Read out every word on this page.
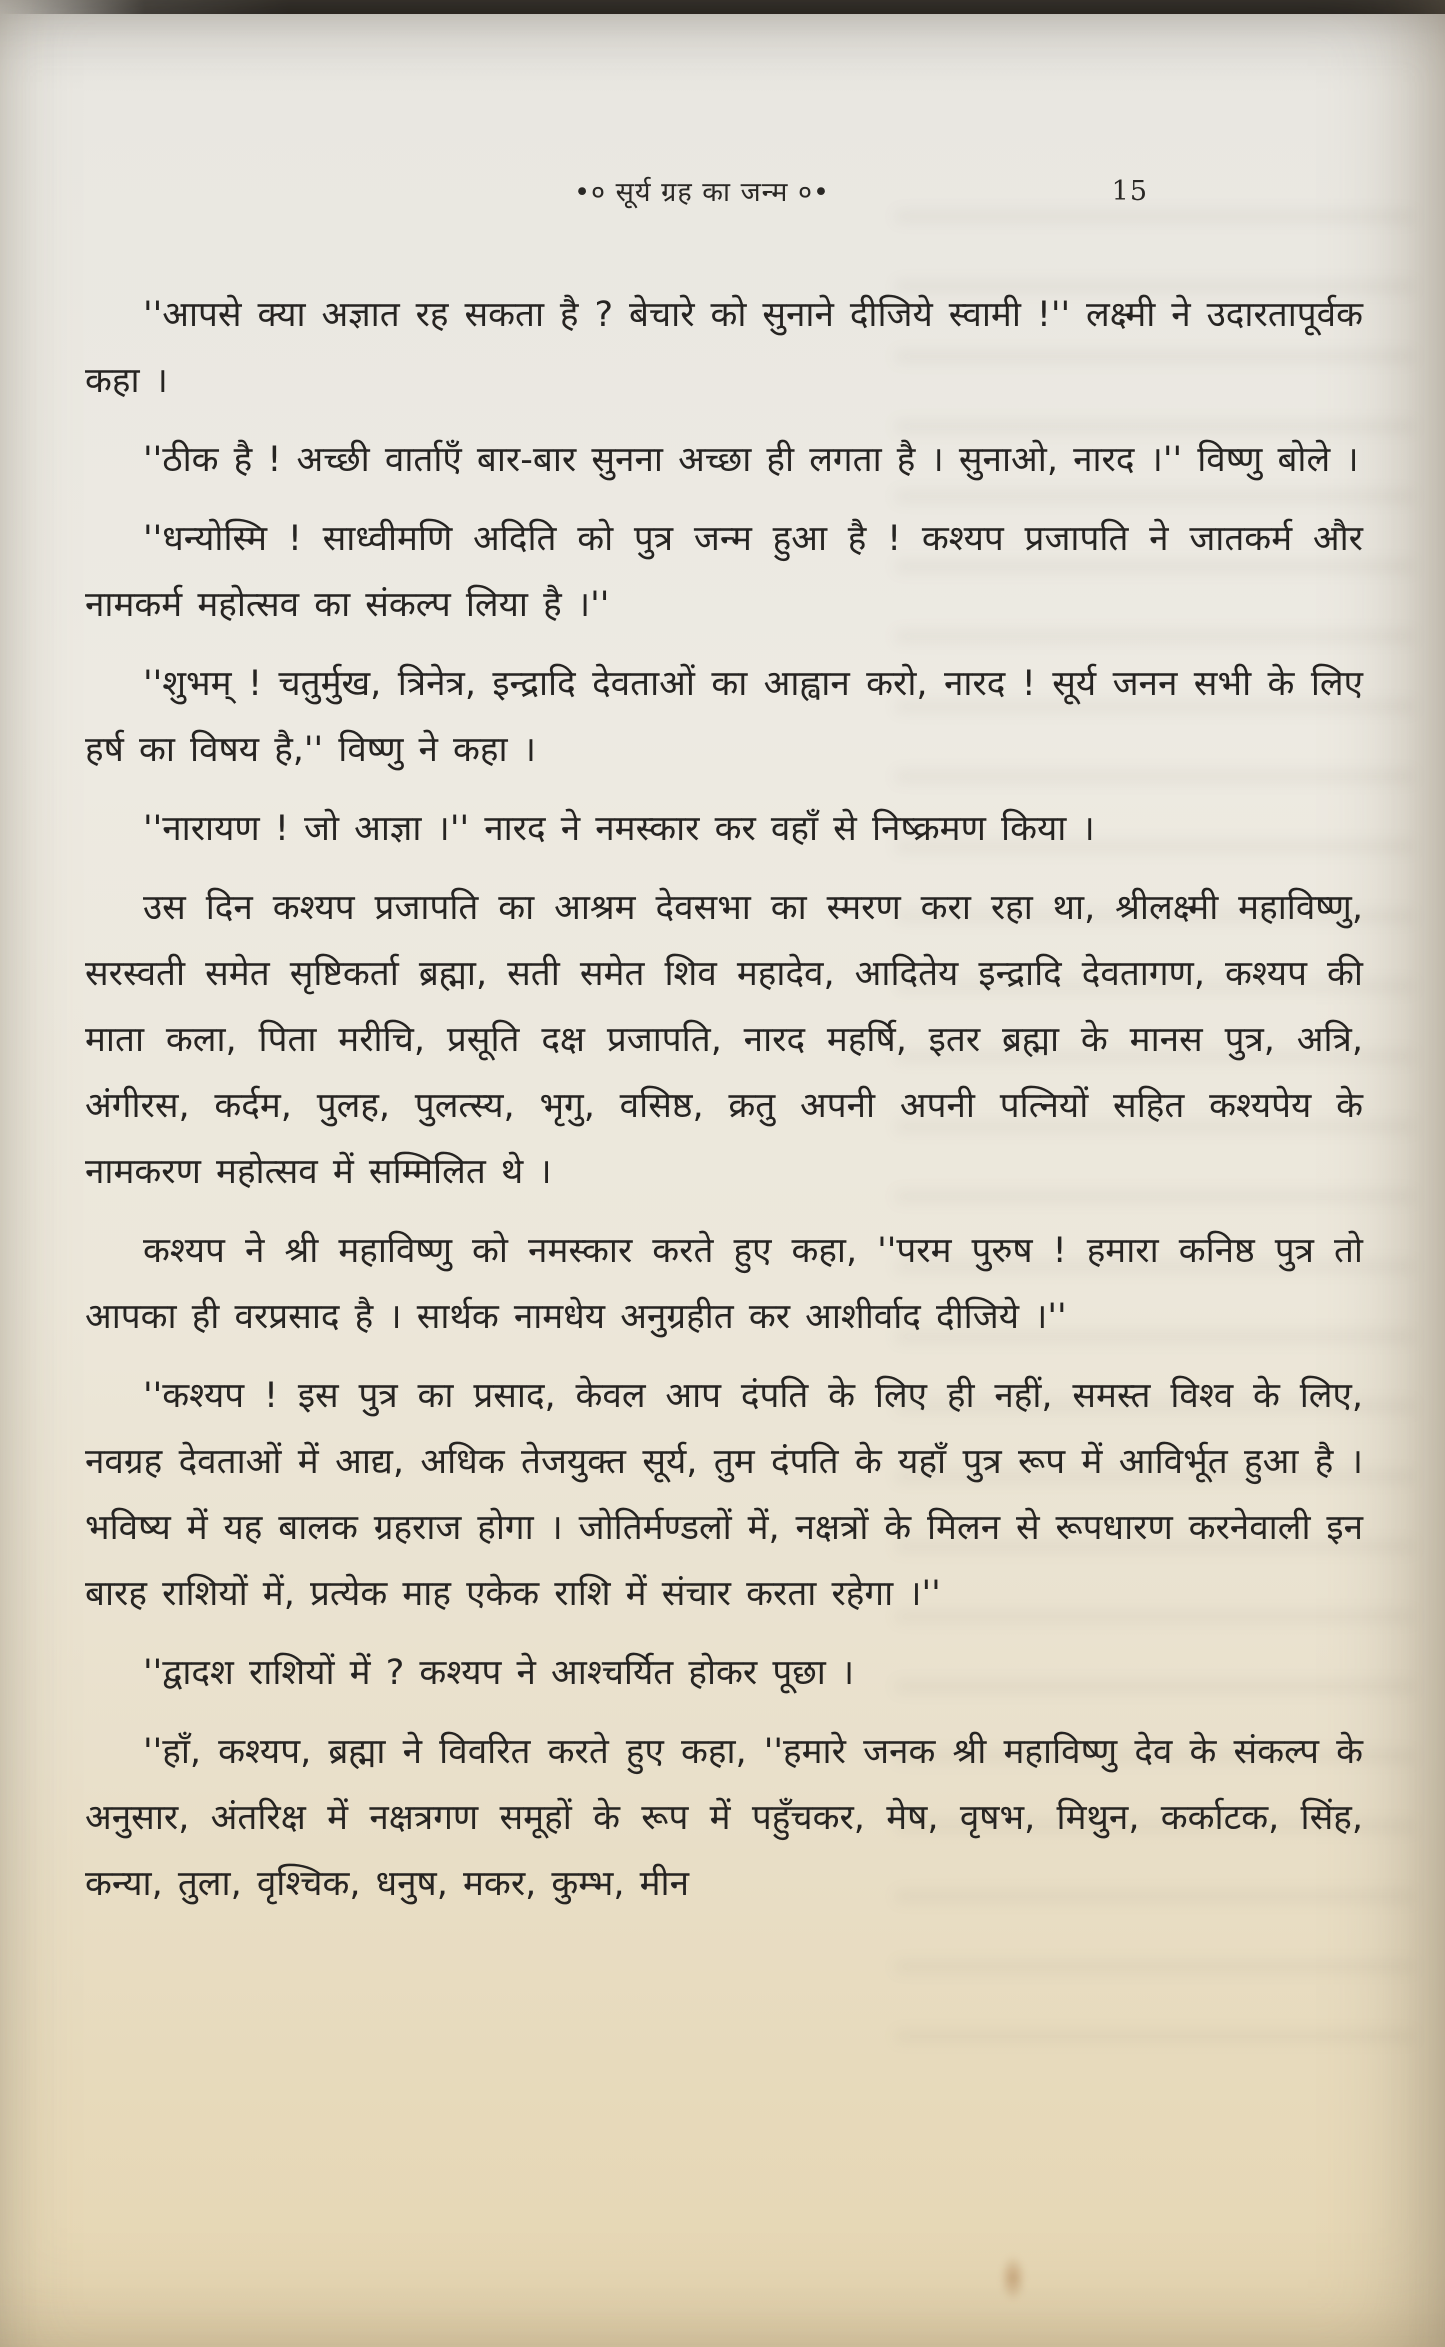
•० सूर्य ग्रह का जन्म ०•	15

''आपसे क्या अज्ञात रह सकता है ? बेचारे को सुनाने दीजिये स्वामी !'' लक्ष्मी ने उदारतापूर्वक कहा ।

''ठीक है ! अच्छी वार्ताएँ बार-बार सुनना अच्छा ही लगता है । सुनाओ, नारद ।'' विष्णु बोले ।

''धन्योस्मि ! साध्वीमणि अदिति को पुत्र जन्म हुआ है ! कश्यप प्रजापति ने जातकर्म और नामकर्म महोत्सव का संकल्प लिया है ।''

''शुभम् ! चतुर्मुख, त्रिनेत्र, इन्द्रादि देवताओं का आह्वान करो, नारद ! सूर्य जनन सभी के लिए हर्ष का विषय है,'' विष्णु ने कहा ।

''नारायण ! जो आज्ञा ।'' नारद ने नमस्कार कर वहाँ से निष्क्रमण किया ।

उस दिन कश्यप प्रजापति का आश्रम देवसभा का स्मरण करा रहा था, श्रीलक्ष्मी महाविष्णु, सरस्वती समेत सृष्टिकर्ता ब्रह्मा, सती समेत शिव महादेव, आदितेय इन्द्रादि देवतागण, कश्यप की माता कला, पिता मरीचि, प्रसूति दक्ष प्रजापति, नारद महर्षि, इतर ब्रह्मा के मानस पुत्र, अत्रि, अंगीरस, कर्दम, पुलह, पुलत्स्य, भृगु, वसिष्ठ, क्रतु अपनी अपनी पत्नियों सहित कश्यपेय के नामकरण महोत्सव में सम्मिलित थे ।

कश्यप ने श्री महाविष्णु को नमस्कार करते हुए कहा, ''परम पुरुष ! हमारा कनिष्ठ पुत्र तो आपका ही वरप्रसाद है । सार्थक नामधेय अनुग्रहीत कर आशीर्वाद दीजिये ।''

''कश्यप ! इस पुत्र का प्रसाद, केवल आप दंपति के लिए ही नहीं, समस्त विश्व के लिए, नवग्रह देवताओं में आद्य, अधिक तेजयुक्त सूर्य, तुम दंपति के यहाँ पुत्र रूप में आविर्भूत हुआ है । भविष्य में यह बालक ग्रहराज होगा । जोतिर्मण्डलों में, नक्षत्रों के मिलन से रूपधारण करनेवाली इन बारह राशियों में, प्रत्येक माह एकेक राशि में संचार करता रहेगा ।''

''द्वादश राशियों में ? कश्यप ने आश्चर्यित होकर पूछा ।

''हाँ, कश्यप, ब्रह्मा ने विवरित करते हुए कहा, ''हमारे जनक श्री महाविष्णु देव के संकल्प के अनुसार, अंतरिक्ष में नक्षत्रगण समूहों के रूप में पहुँचकर, मेष, वृषभ, मिथुन, कर्काटक, सिंह, कन्या, तुला, वृश्चिक, धनुष, मकर, कुम्भ, मीन
